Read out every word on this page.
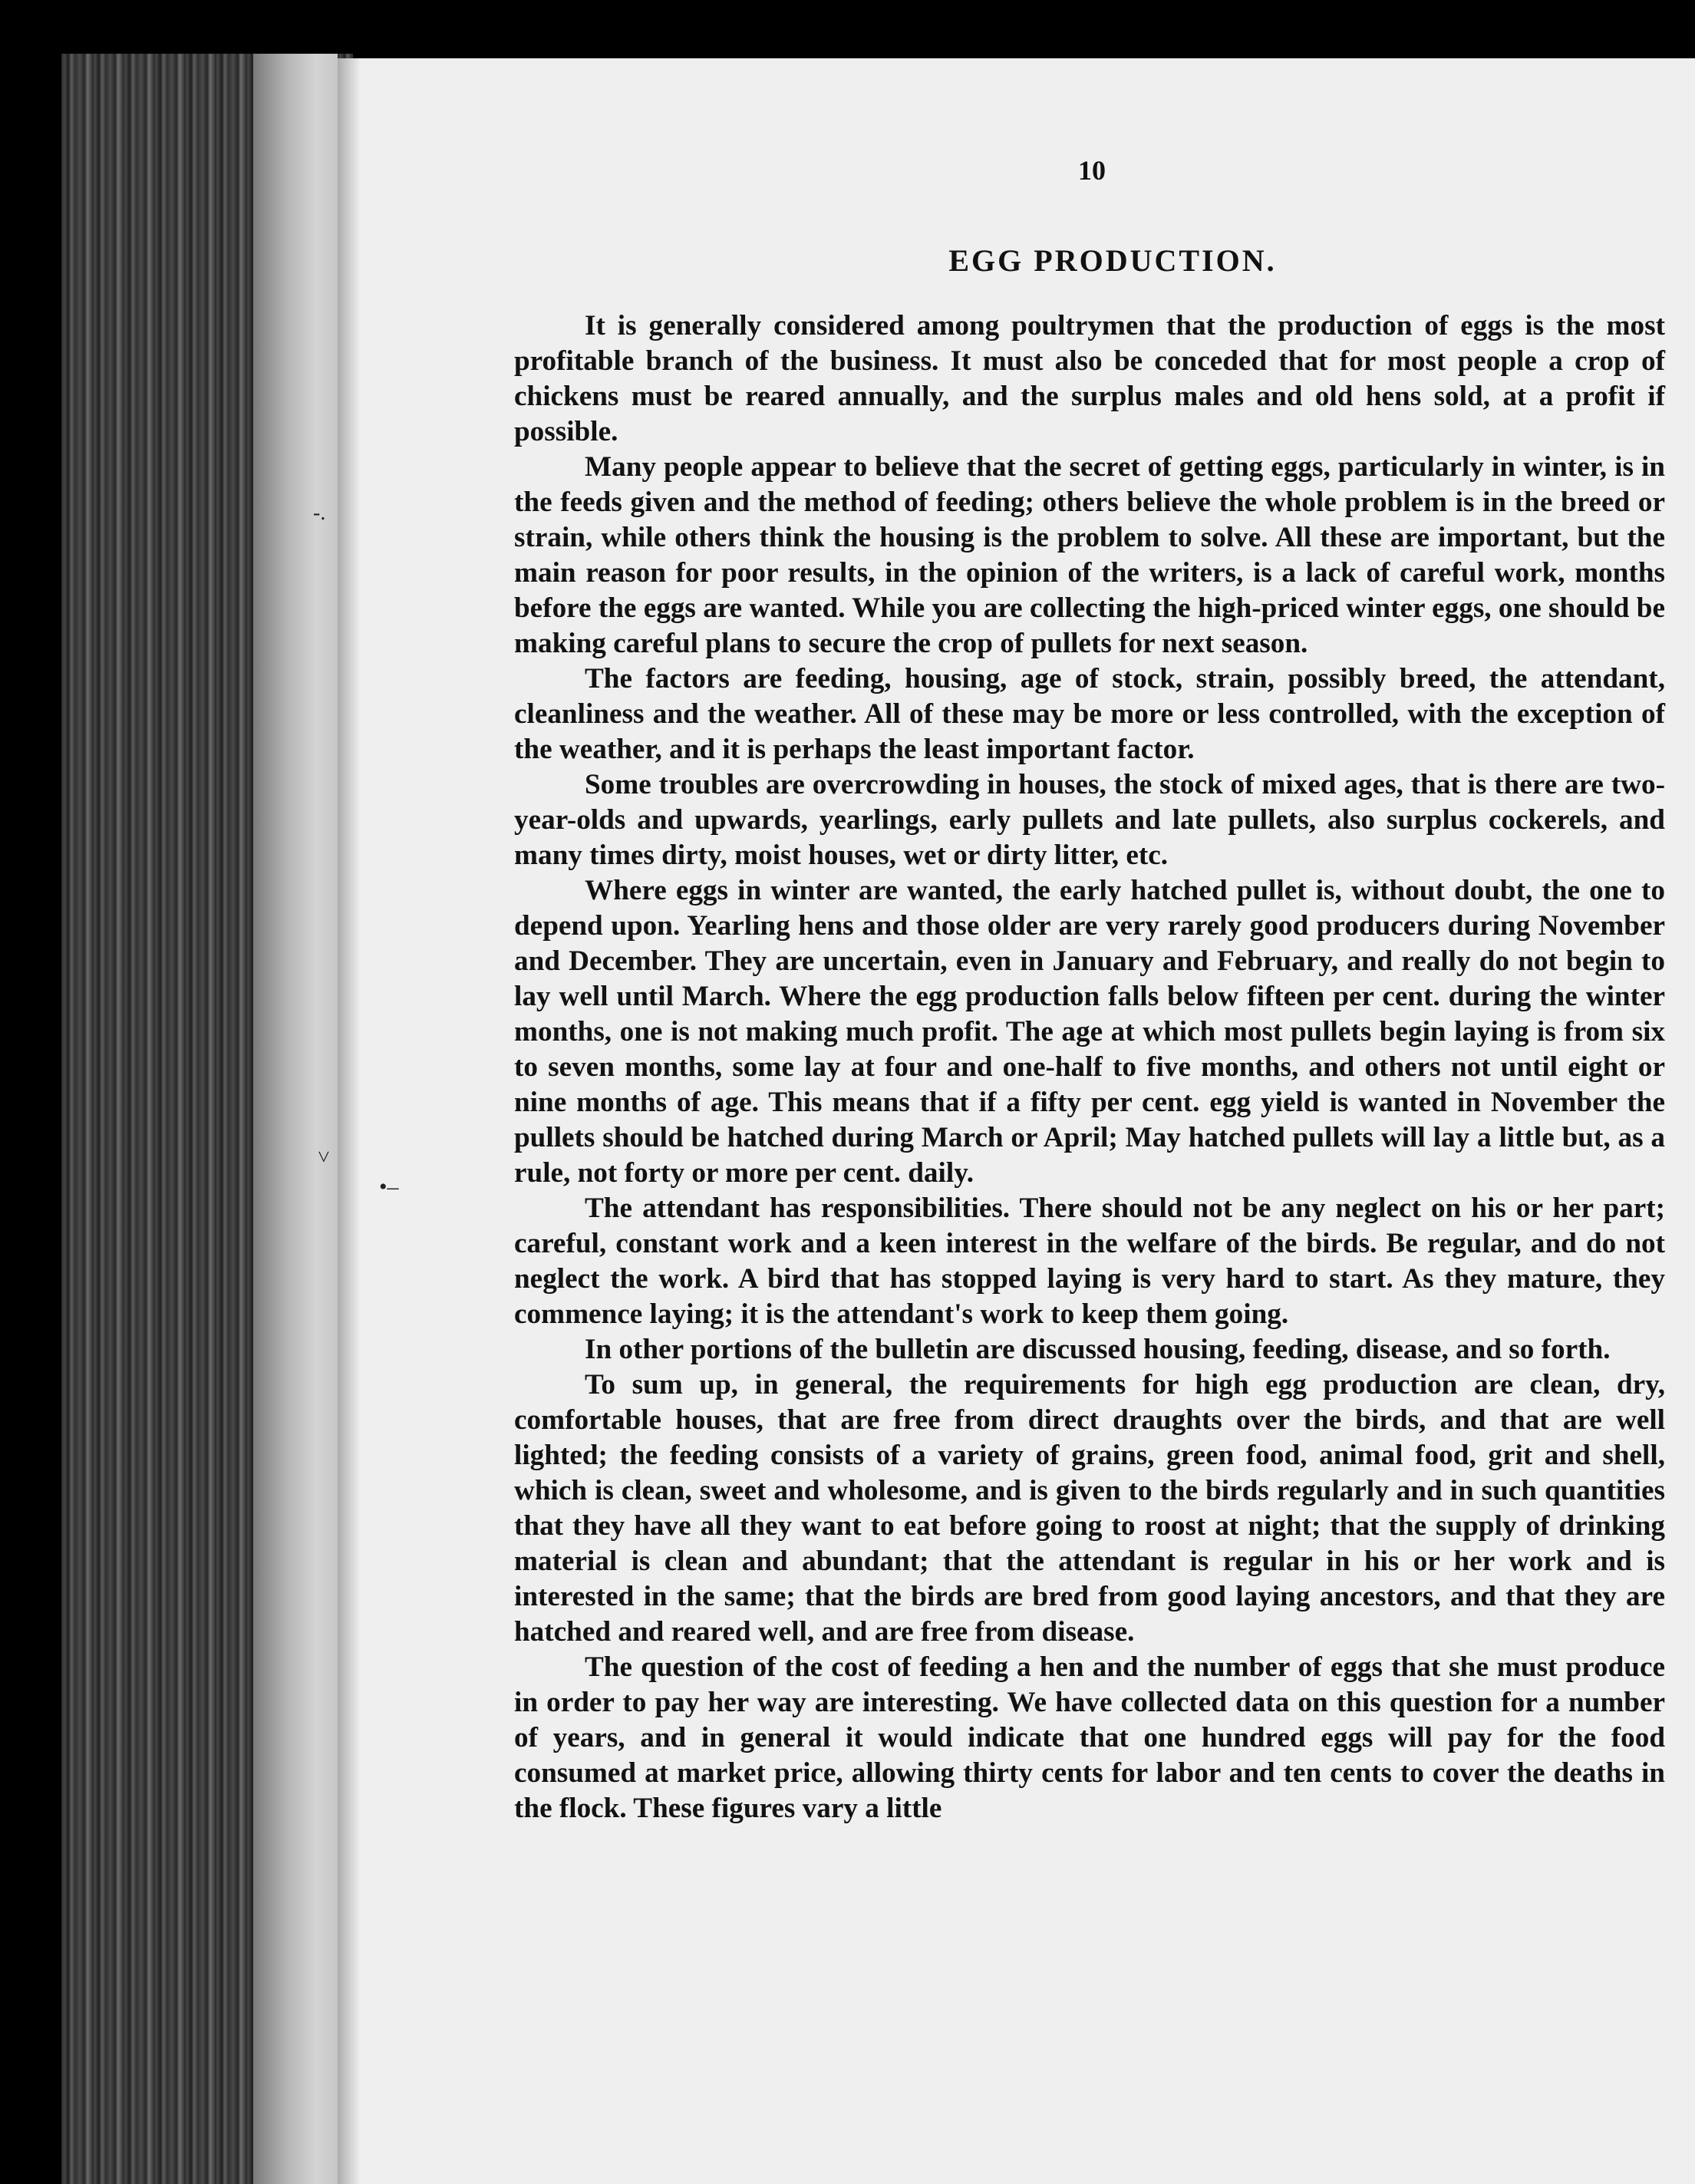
-.
˅
•–
10
EGG PRODUCTION.

It is generally considered among poultrymen that the production of eggs is the most profitable branch of the business. It must also be conceded that for most people a crop of chickens must be reared annually, and the surplus males and old hens sold, at a profit if possible.

Many people appear to believe that the secret of getting eggs, particularly in winter, is in the feeds given and the method of feeding; others believe the whole problem is in the breed or strain, while others think the housing is the problem to solve. All these are important, but the main reason for poor results, in the opinion of the writers, is a lack of careful work, months before the eggs are wanted. While you are collecting the high-priced winter eggs, one should be making careful plans to secure the crop of pullets for next season.

The factors are feeding, housing, age of stock, strain, possibly breed, the attendant, cleanliness and the weather. All of these may be more or less controlled, with the exception of the weather, and it is perhaps the least important factor.

Some troubles are overcrowding in houses, the stock of mixed ages, that is there are two-year-olds and upwards, yearlings, early pullets and late pullets, also surplus cockerels, and many times dirty, moist houses, wet or dirty litter, etc.

Where eggs in winter are wanted, the early hatched pullet is, without doubt, the one to depend upon. Yearling hens and those older are very rarely good producers during November and December. They are uncertain, even in January and February, and really do not begin to lay well until March. Where the egg production falls below fifteen per cent. during the winter months, one is not making much profit. The age at which most pullets begin laying is from six to seven months, some lay at four and one-half to five months, and others not until eight or nine months of age. This means that if a fifty per cent. egg yield is wanted in November the pullets should be hatched during March or April; May hatched pullets will lay a little but, as a rule, not forty or more per cent. daily.

The attendant has responsibilities. There should not be any neglect on his or her part; careful, constant work and a keen interest in the welfare of the birds. Be regular, and do not neglect the work. A bird that has stopped laying is very hard to start. As they mature, they commence laying; it is the attendant's work to keep them going.

In other portions of the bulletin are discussed housing, feeding, disease, and so forth.

To sum up, in general, the requirements for high egg production are clean, dry, comfortable houses, that are free from direct draughts over the birds, and that are well lighted; the feeding consists of a variety of grains, green food, animal food, grit and shell, which is clean, sweet and wholesome, and is given to the birds regularly and in such quantities that they have all they want to eat before going to roost at night; that the supply of drinking material is clean and abundant; that the attendant is regular in his or her work and is interested in the same; that the birds are bred from good laying ancestors, and that they are hatched and reared well, and are free from disease.

The question of the cost of feeding a hen and the number of eggs that she must produce in order to pay her way are interesting. We have collected data on this question for a number of years, and in general it would indicate that one hundred eggs will pay for the food consumed at market price, allowing thirty cents for labor and ten cents to cover the deaths in the flock. These figures vary a little
